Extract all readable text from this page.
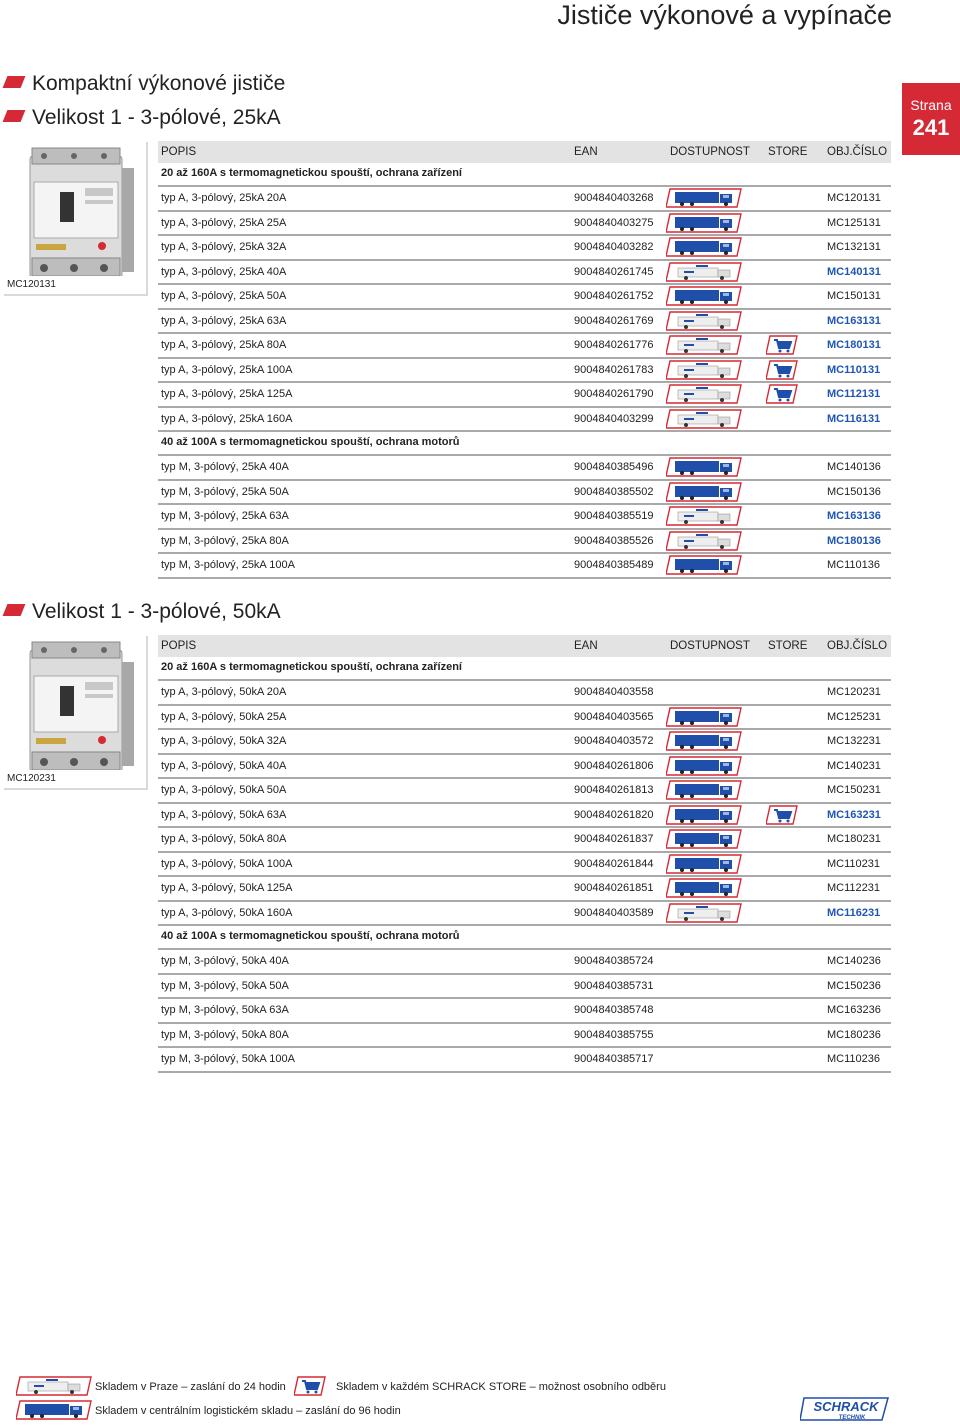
Jističe výkonové a vypínače
Strana
241
Kompaktní výkonové jističe
Velikost 1 - 3-pólové, 25kA
Velikost 1 - 3-pólové, 50kA
MC120131
MC120231
POPIS	EAN	DOSTUPNOST STORE OBJ.ČÍSLO
20 až 160A s termomagnetickou spouští, ochrana zařízení
typ A, 3-pólový, 25kA 20A	9004840403268	MC120131
typ A, 3-pólový, 25kA 25A	9004840403275	MC125131
typ A, 3-pólový, 25kA 32A	9004840403282	MC132131
typ A, 3-pólový, 25kA 40A	9004840261745	MC140131
typ A, 3-pólový, 25kA 50A	9004840261752	MC150131
typ A, 3-pólový, 25kA 63A	9004840261769	MC163131
typ A, 3-pólový, 25kA 80A	9004840261776	MC180131
typ A, 3-pólový, 25kA 100A	9004840261783	MC110131
typ A, 3-pólový, 25kA 125A	9004840261790	MC112131
typ A, 3-pólový, 25kA 160A	9004840403299	MC116131
40 až 100A s termomagnetickou spouští, ochrana motorů
typ M, 3-pólový, 25kA 40A	9004840385496	MC140136
typ M, 3-pólový, 25kA 50A	9004840385502	MC150136
typ M, 3-pólový, 25kA 63A	9004840385519	MC163136
typ M, 3-pólový, 25kA 80A	9004840385526	MC180136
typ M, 3-pólový, 25kA 100A	9004840385489	MC110136
POPIS	EAN	DOSTUPNOST STORE OBJ.ČÍSLO
20 až 160A s termomagnetickou spouští, ochrana zařízení
typ A, 3-pólový, 50kA 20A	9004840403558	MC120231
typ A, 3-pólový, 50kA 25A	9004840403565	MC125231
typ A, 3-pólový, 50kA 32A	9004840403572	MC132231
typ A, 3-pólový, 50kA 40A	9004840261806	MC140231
typ A, 3-pólový, 50kA 50A	9004840261813	MC150231
typ A, 3-pólový, 50kA 63A	9004840261820	MC163231
typ A, 3-pólový, 50kA 80A	9004840261837	MC180231
typ A, 3-pólový, 50kA 100A	9004840261844	MC110231
typ A, 3-pólový, 50kA 125A	9004840261851	MC112231
typ A, 3-pólový, 50kA 160A	9004840403589	MC116231
40 až 100A s termomagnetickou spouští, ochrana motorů
typ M, 3-pólový, 50kA 40A	9004840385724	MC140236
typ M, 3-pólový, 50kA 50A	9004840385731	MC150236
typ M, 3-pólový, 50kA 63A	9004840385748	MC163236
typ M, 3-pólový, 50kA 80A	9004840385755	MC180236
typ M, 3-pólový, 50kA 100A	9004840385717	MC110236
Skladem v Praze – zaslání do 24 hodin	Skladem v každém SCHRACK STORE – možnost osobního odběru
Skladem v centrálním logistickém skladu – zaslání do 96 hodin	SCHRACK
TECHNIK
